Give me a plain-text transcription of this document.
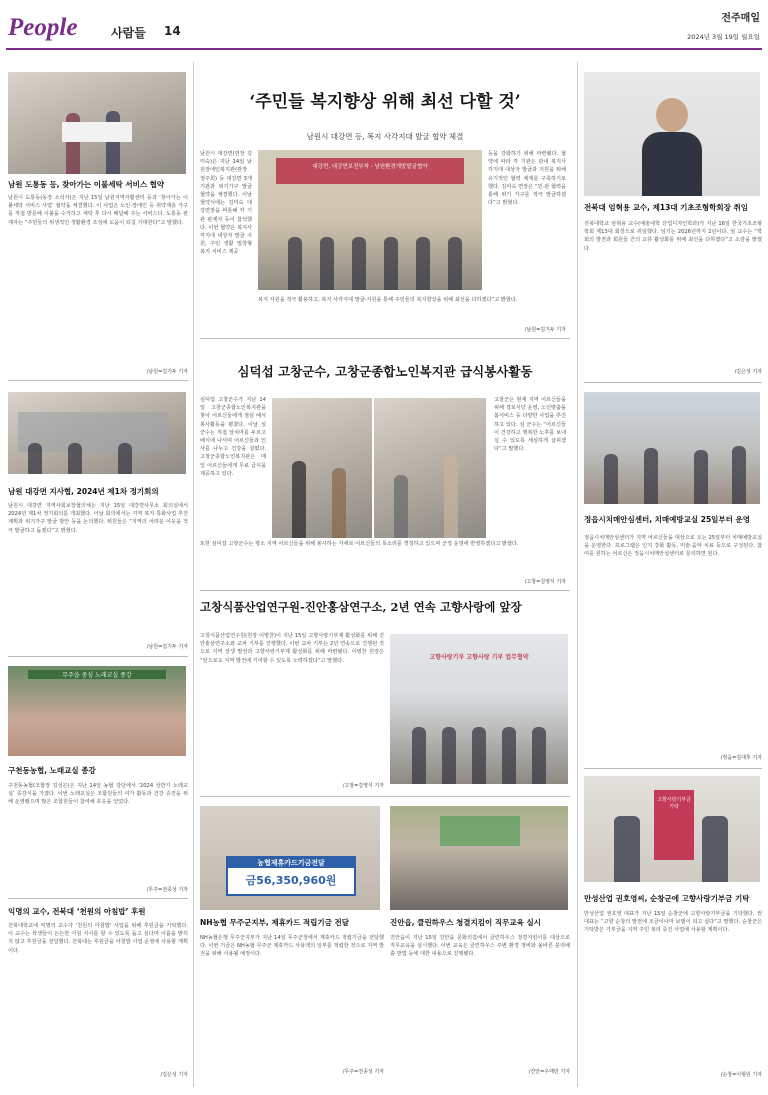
People	사람들 14
전주매일
2024년 3월 19일 월요일
남원 도통동 등, 찾아가는 이불세탁 서비스 협약
남원시 도통동(동장 소석자)은 지난 15일 남원지역자활센터 등과 ‘찾아가는 이불세탁 서비스 사업’ 협약을 체결했다. 이 사업은 노인·장애인 등 취약계층 가구를 직접 방문해 이불을 수거하고 세탁 후 다시 배달해 주는 서비스다. 도통동 관계자는 “주민들의 위생적인 생활환경 조성에 도움이 되길 기대한다”고 말했다.
/남원=김기두 기자
남원 대강면 지사협, 2024년 제1차 정기회의
남원시 대강면 지역사회보장협의체는 지난 15일 대강면사무소 회의실에서 2024년 제1차 정기회의를 개최했다. 이날 회의에서는 지역 복지 특화사업 추진 계획과 위기가구 발굴 방안 등을 논의했다. 위원들은 “지역의 어려운 이웃을 적극 발굴하고 돕겠다”고 밝혔다.
/남원=김기두 기자
무주읍 중심 노래교실 종강
구천동농협, 노래교실 종강
구천동농협(조합장 김성곤)은 지난 14일 농협 강당에서 ‘2024 상반기 노래교실’ 종강식을 가졌다. 이번 노래교실은 조합원들의 여가 활동과 건강 증진을 위해 운영됐으며 많은 조합원들이 참여해 호응을 얻었다.
/무주=전종성 기자
익명의 교수, 전북대 ‘천원의 아침밥’ 후원
전북대학교에 익명의 교수가 ‘천원의 아침밥’ 사업을 위해 후원금을 기탁했다. 이 교수는 학생들이 든든한 아침 식사를 할 수 있도록 돕고 싶다며 이름을 밝히지 않고 후원금을 전달했다. 전북대는 후원금을 아침밥 사업 운영에 사용할 계획이다.
/김은성 기자
‘주민들 복지향상 위해 최선 다할 것’
남원시 대강면 등, 복지 사각지대 발굴 협약 체결
남원시 대강면(면장 김미숙)은 지난 14일 남원장애인복지관(관장 정주희) 등 대강면 3개 기관과 위기가구 발굴 협약을 체결했다. 이날 협약식에는 김미숙 대강면장을 비롯해 각 기관 관계자 등이 참석했다. 이번 협약은 복지사각지대 대상자 발굴 지원, 주민 생활 밀착형 복지 서비스 제공
대강면, 대강면보전부착 - 남원환경개발발굴협약
등을 강화하기 위해 마련됐다. 협약에 따라 각 기관은 관내 복지사각지대 대상자 발굴과 지원을 위해 유기적인 협력 체계를 구축하기로 했다. 김미숙 면장은 “민·관 협력을 통해 위기 가구를 적극 발굴하겠다”고 밝혔다.
복지 자원을 적극 활용하고, 복지 사각지대 발굴·지원을 통해 주민들의 복지향상을 위해 최선을 다하겠다”고 밝혔다.
/남원=김기두 기자
심덕섭 고창군수, 고창군종합노인복지관 급식봉사활동
심덕섭 고창군수가 지난 14일 고창군종합노인복지관을 찾아 어르신들에게 점심 배식 봉사활동을 펼쳤다. 이날 심 군수는 직접 앞치마를 두르고 배식에 나서며 어르신들과 인사를 나누고 건강을 살폈다. 고창군종합노인복지관은 매일 어르신들에게 무료 급식을 제공하고 있다.
고창군은 현재 지역 어르신들을 위해 경로식당 운영, 노인맞춤돌봄서비스 등 다양한 사업을 추진하고 있다. 심 군수는 “어르신들이 건강하고 행복한 노후를 보내실 수 있도록 세심하게 살피겠다”고 말했다.
또한 심덕섭 고창군수는 평소 지역 어르신들을 위해 봉사하는 자세로 어르신들의 목소리를 경청하고 있으며 군정 운영에 반영하겠다고 밝혔다.
/고창=김영식 기자
고창식품산업연구원-진안홍삼연구소, 2년 연속 고향사랑에 앞장
고창식품산업연구원(원장 이병찬)이 지난 15일 고향사랑기부제 활성화를 위해 진안홍삼연구소와 교차 기부를 진행했다. 이번 교차 기부는 2년 연속으로 진행된 것으로 지역 상생 발전과 고향사랑기부제 활성화를 위해 마련됐다. 이병찬 원장은 “앞으로도 지역 발전에 기여할 수 있도록 노력하겠다”고 말했다.
/고창=김영식 기자
고향사랑기부 고향사랑 기부 업무협약
농협제휴카드기금전달
금56,350,960원
NH농협 무주군지부, 제휴카드 적립기금 전달
NH농협은행 무주군지부가 지난 14일 무주군청에서 제휴카드 적립기금을 전달했다. 이번 기금은 NH농협 무주군 제휴카드 사용액의 일부를 적립한 것으로 지역 발전을 위해 사용될 예정이다.
/무주=전종성 기자
진안읍, 클린하우스 청결지킴이 직무교육 실시
진안읍이 지난 15일 진안읍 문화의집에서 클린하우스 청결지킴이를 대상으로 직무교육을 실시했다. 이번 교육은 클린하우스 주변 환경 정비와 올바른 분리배출 방법 등에 대한 내용으로 진행됐다.
/진안=우태만 기자
전북대 엄혁용 교수, 제13대 기초조형학회장 취임
전북대학교 엄혁용 교수(예술대학 산업디자인학과)가 지난 16일 한국기초조형학회 제13대 회장으로 취임했다. 임기는 2026년까지 2년이다. 엄 교수는 “학회의 발전과 회원들 간의 교류 활성화를 위해 최선을 다하겠다”고 소감을 밝혔다.
/김은성 기자
정읍시치매안심센터, 치매예방교실 25일부터 운영
정읍시치매안심센터가 지역 어르신들을 대상으로 오는 25일부터 치매예방교실을 운영한다. 프로그램은 인지 강화 활동, 미술·음악 치료 등으로 구성된다. 참여를 원하는 어르신은 정읍시치매안심센터로 문의하면 된다.
/정읍=김대후 기자
고향사랑기부금 기탁
만성산업 권호영씨, 순창군에 고향사랑기부금 기탁
만성산업 권호영 대표가 지난 15일 순창군에 고향사랑기부금을 기탁했다. 권 대표는 “고향 순창의 발전에 조금이나마 보탬이 되고 싶다”고 말했다. 순창군은 기탁받은 기부금을 지역 주민 복리 증진 사업에 사용할 계획이다.
/순창=이형원 기자
